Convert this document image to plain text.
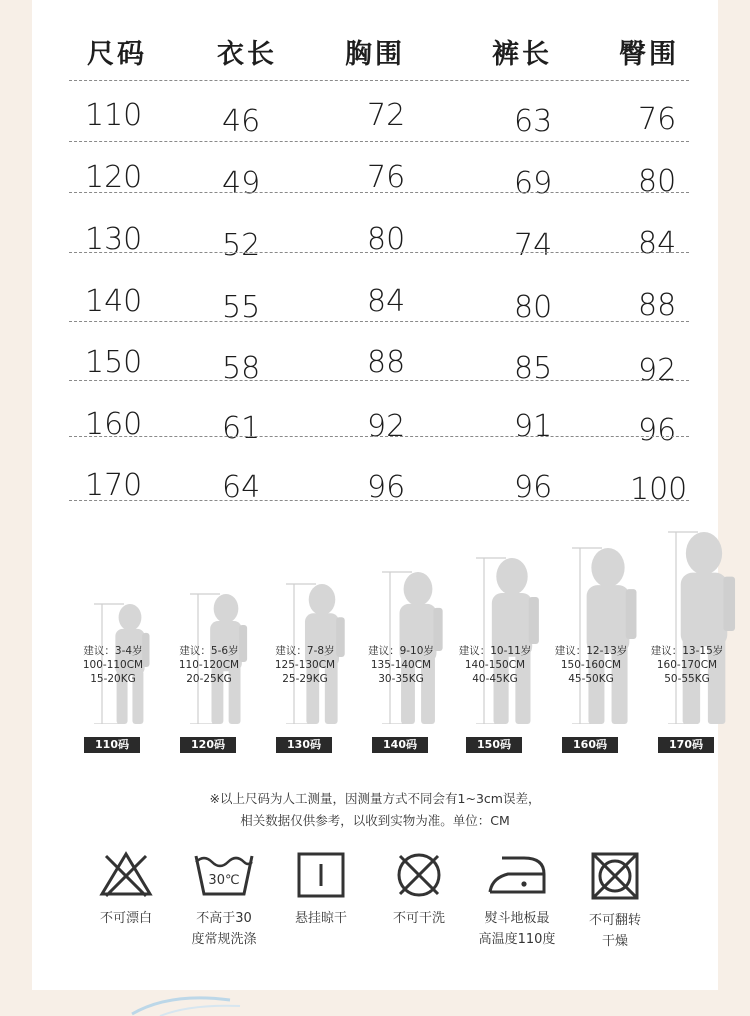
尺码	衣长	胸围	裤长 臀围
110	46	72	63	76
120	49	76	69	80
130	52	80	74	84
140	55	84	80	88
150	58	88	85	92
160	61	92	91	96
170	64	96	96	100
建议：3-4岁
100-110CM
15-20KG
110码
建议：5-6岁
110-120CM
20-25KG
120码
建议：7-8岁
125-130CM
25-29KG
130码
建议：9-10岁
135-140CM
30-35KG
140码
建议：10-11岁
140-150CM
40-45KG
150码
建议：12-13岁
150-160CM
45-50KG
160码
建议：13-15岁
160-170CM
50-55KG
170码
※以上尺码为人工测量，因测量方式不同会有1~3cm误差，
相关数据仅供参考，以收到实物为准。单位：CM
不可漂白
30℃
不高于30
度常规洗涤
悬挂晾干	不可干洗	熨斗地板最
高温度110度
不可翻转
干燥
